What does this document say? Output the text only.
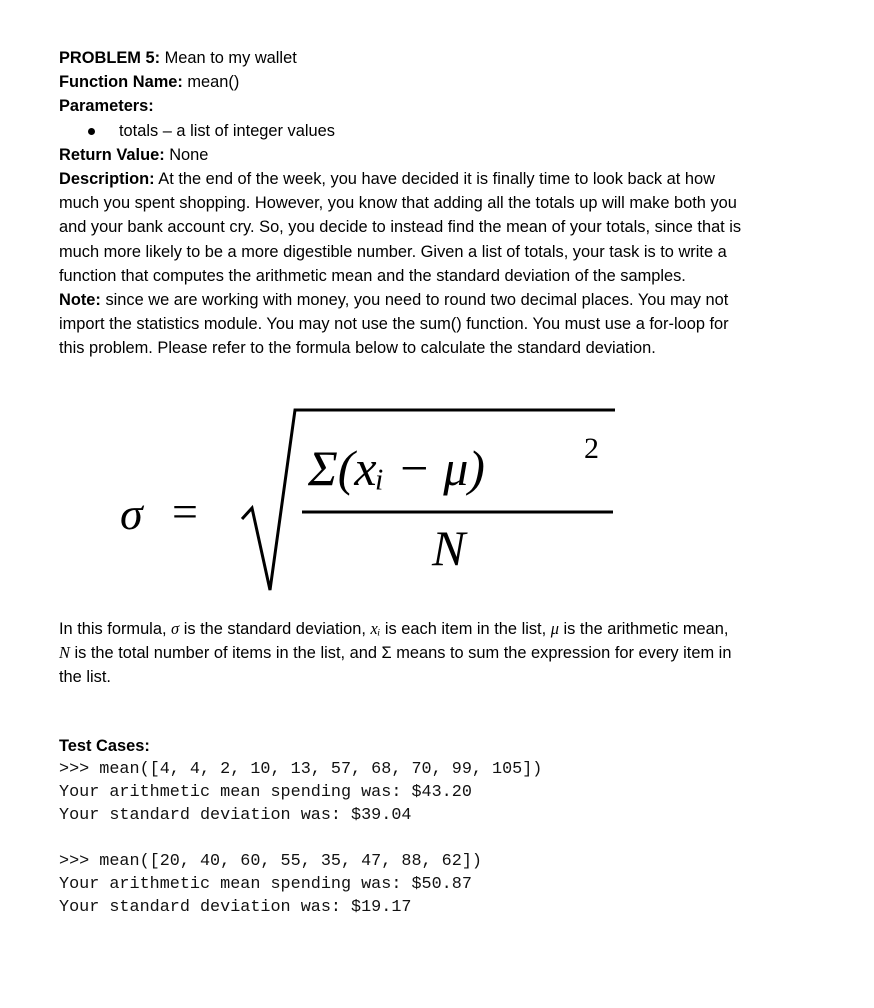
PROBLEM 5: Mean to my wallet
Function Name: mean()
Parameters:
totals – a list of integer values
Return Value: None
Description: At the end of the week, you have decided it is finally time to look back at how
much you spent shopping. However, you know that adding all the totals up will make both you
and your bank account cry. So, you decide to instead find the mean of your totals, since that is
much more likely to be a more digestible number. Given a list of totals, your task is to write a
function that computes the arithmetic mean and the standard deviation of the samples.
Note: since we are working with money, you need to round two decimal places. You may not
import the statistics module. You may not use the sum() function. You must use a for-loop for
this problem. Please refer to the formula below to calculate the standard deviation.
σ =
Σ(xᵢ − μ)	2
N
In this formula, σ is the standard deviation, xᵢ is each item in the list, μ is the arithmetic mean,
N is the total number of items in the list, and Σ means to sum the expression for every item in
the list.
Test Cases:
>>> mean([4, 4, 2, 10, 13, 57, 68, 70, 99, 105])
Your arithmetic mean spending was: $43.20
Your standard deviation was: $39.04
>>> mean([20, 40, 60, 55, 35, 47, 88, 62])
Your arithmetic mean spending was: $50.87
Your standard deviation was: $19.17
